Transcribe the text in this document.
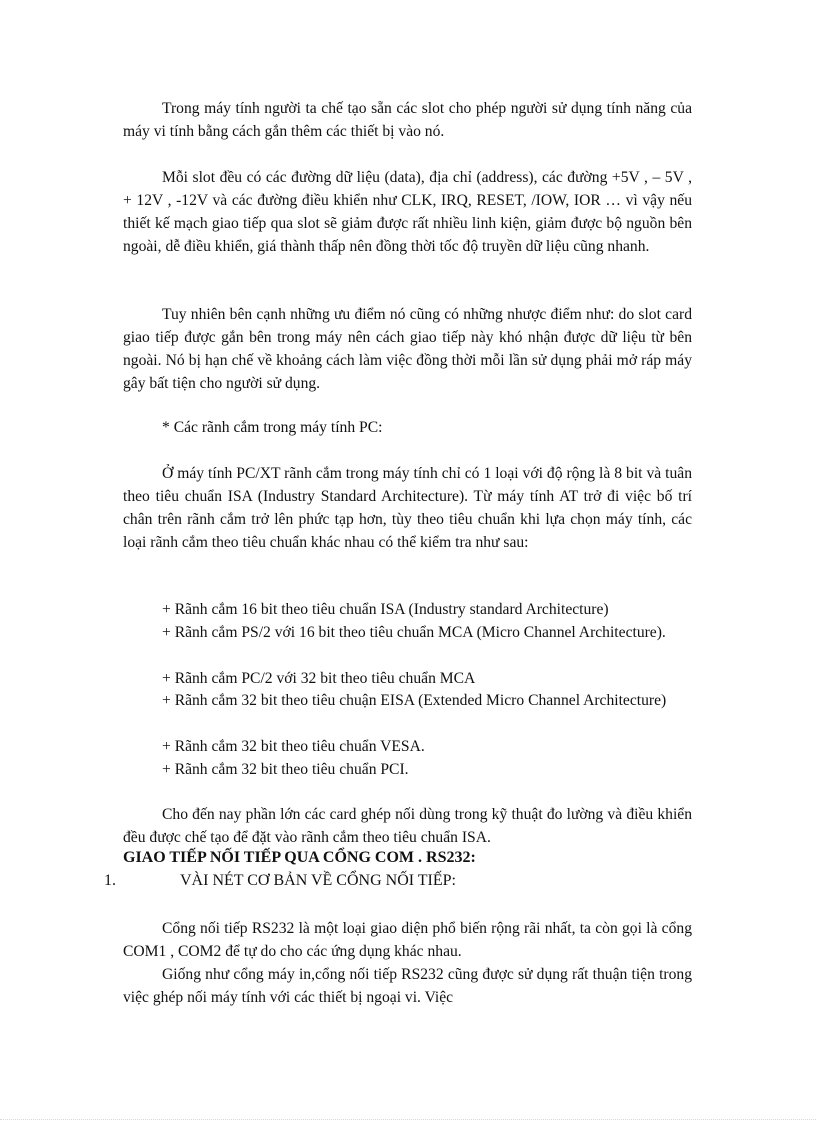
Trong máy tính người ta chế tạo sẵn các slot cho phép người sử dụng tính năng của máy vi tính bằng cách gắn thêm các thiết bị vào nó.

Mỗi slot đều có các đường dữ liệu (data), địa chỉ (address), các đường +5V , – 5V , + 12V , -12V và các đường điều khiển như CLK, IRQ, RESET, /IOW, IOR … vì vậy nếu thiết kế mạch giao tiếp qua slot sẽ giảm được rất nhiều linh kiện, giảm được bộ nguồn bên ngoài, dễ điều khiển, giá thành thấp nên đồng thời tốc độ truyền dữ liệu cũng nhanh.

Tuy nhiên bên cạnh những ưu điểm nó cũng có những nhược điểm như: do slot card giao tiếp được gắn bên trong máy nên cách giao tiếp này khó nhận được dữ liệu từ bên ngoài. Nó bị hạn chế về khoảng cách làm việc đồng thời mỗi lần sử dụng phải mở ráp máy gây bất tiện cho người sử dụng.

* Các rãnh cắm trong máy tính PC:

Ở máy tính PC/XT rãnh cắm trong máy tính chỉ có 1 loại với độ rộng là 8 bit và tuân theo tiêu chuẩn ISA (Industry Standard Architecture). Từ máy tính AT trở đi việc bố trí chân trên rãnh cắm trở lên phức tạp hơn, tùy theo tiêu chuẩn khi lựa chọn máy tính, các loại rãnh cắm theo tiêu chuẩn khác nhau có thể kiểm tra như sau:

+ Rãnh cắm 16 bit theo tiêu chuẩn ISA (Industry standard Architecture)

+ Rãnh cắm PS/2 với 16 bit theo tiêu chuẩn MCA (Micro Channel Architecture).

+ Rãnh cắm PC/2 với 32 bit theo tiêu chuẩn MCA

+ Rãnh cắm 32 bit theo tiêu chuận EISA (Extended Micro Channel Architecture)

+ Rãnh cắm 32 bit theo tiêu chuẩn VESA.

+ Rãnh cắm 32 bit theo tiêu chuẩn PCI.

Cho đến nay phần lớn các card ghép nối dùng trong kỹ thuật đo lường và điều khiển đều được chế tạo để đặt vào rãnh cắm theo tiêu chuẩn ISA.

GIAO TIẾP NỐI TIẾP QUA CỔNG COM . RS232:

1.	VÀI NÉT CƠ BẢN VỀ CỔNG NỐI TIẾP:

Cổng nối tiếp RS232 là một loại giao diện phổ biến rộng rãi nhất, ta còn gọi là cổng COM1 , COM2 để tự do cho các ứng dụng khác nhau.

Giống như cổng máy in,cổng nối tiếp RS232 cũng được sử dụng rất thuận tiện trong việc ghép nối máy tính với các thiết bị ngoại vi. Việc
